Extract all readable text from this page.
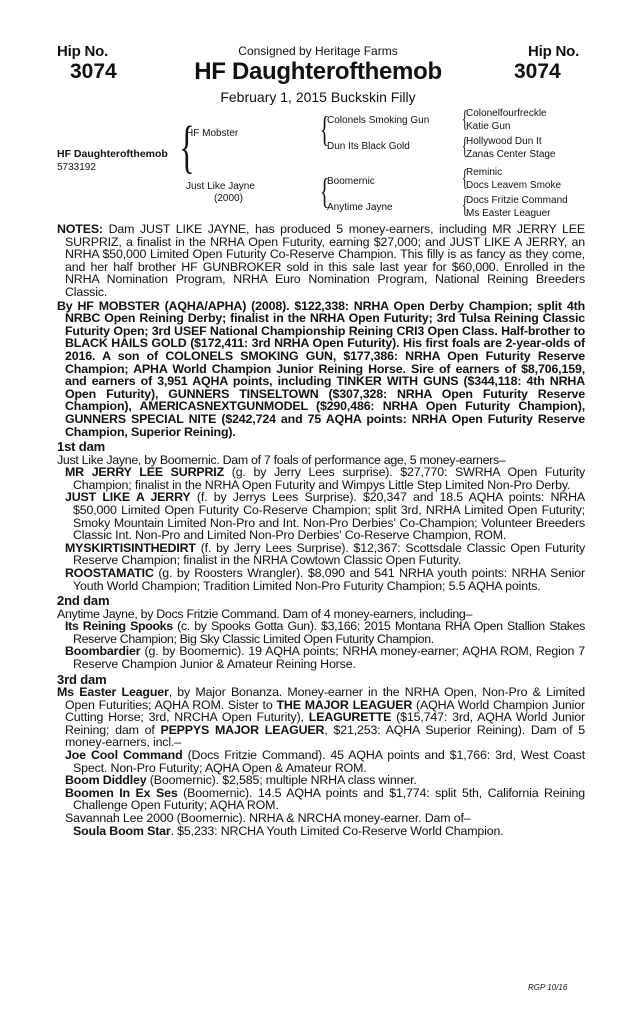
Hip No.	Hip No.
3074	3074
Consigned by Heritage Farms
HF Daughterofthemob
February 1, 2015 Buckskin Filly
HF Daughterofthemob
5733192 {
HF Mobster
Just Like Jayne
(2000)
{
Colonels Smoking Gun
Dun Its Black Gold
{
Boomernic
Anytime Jayne
{
Colonelfourfreckle
Katie Gun
{
Hollywood Dun It
Zanas Center Stage
{
Reminic
Docs Leavem Smoke
{
Docs Fritzie Command
Ms Easter Leaguer

NOTES: Dam JUST LIKE JAYNE, has produced 5 money-earners, including MR JERRY LEE SURPRIZ, a finalist in the NRHA Open Futurity, earning $27,000; and JUST LIKE A JERRY, an NRHA $50,000 Limited Open Futurity Co-Reserve Champion. This filly is as fancy as they come, and her half brother HF GUNBROKER sold in this sale last year for $60,000. Enrolled in the NRHA Nomination Program, NRHA Euro Nomination Program, National Reining Breeders Classic.

By HF MOBSTER (AQHA/APHA) (2008). $122,338: NRHA Open Derby Champion; split 4th NRBC Open Reining Derby; finalist in the NRHA Open Futurity; 3rd Tulsa Reining Classic Futurity Open; 3rd USEF National Championship Reining CRI3 Open Class. Half-brother to BLACK HAILS GOLD ($172,411: 3rd NRHA Open Futurity). His first foals are 2-year-olds of 2016. A son of COLONELS SMOKING GUN, $177,386: NRHA Open Futurity Reserve Champion; APHA World Champion Junior Reining Horse. Sire of earners of $8,706,159, and earners of 3,951 AQHA points, including TINKER WITH GUNS ($344,118: 4th NRHA Open Futurity), GUNNERS TINSELTOWN ($307,328: NRHA Open Futurity Reserve Champion), AMERICASNEXTGUNMODEL ($290,486: NRHA Open Futurity Champion), GUNNERS SPECIAL NITE ($242,724 and 75 AQHA points: NRHA Open Futurity Reserve Champion, Superior Reining).

1st dam

Just Like Jayne, by Boomernic. Dam of 7 foals of performance age, 5 money-earners–

MR JERRY LEE SURPRIZ (g. by Jerry Lees surprise). $27,770: SWRHA Open Futurity Champion; finalist in the NRHA Open Futurity and Wimpys Little Step Limited Non-Pro Derby.

JUST LIKE A JERRY (f. by Jerrys Lees Surprise). $20,347 and 18.5 AQHA points: NRHA $50,000 Limited Open Futurity Co-Reserve Champion; split 3rd, NRHA Limited Open Futurity; Smoky Mountain Limited Non-Pro and Int. Non-Pro Derbies' Co-Champion; Volunteer Breeders Classic Int. Non-Pro and Limited Non-Pro Derbies' Co-Reserve Champion, ROM.

MYSKIRTISINTHEDIRT (f. by Jerry Lees Surprise). $12,367: Scottsdale Classic Open Futurity Reserve Champion; finalist in the NRHA Cowtown Classic Open Futurity.

ROOSTAMATIC (g. by Roosters Wrangler). $8,090 and 541 NRHA youth points: NRHA Senior Youth World Champion; Tradition Limited Non-Pro Futurity Champion; 5.5 AQHA points.

2nd dam

Anytime Jayne, by Docs Fritzie Command. Dam of 4 money-earners, including–

Its Reining Spooks (c. by Spooks Gotta Gun). $3,166: 2015 Montana RHA Open Stallion Stakes Reserve Champion; Big Sky Classic Limited Open Futurity Champion.

Boombardier (g. by Boomernic). 19 AQHA points; NRHA money-earner; AQHA ROM, Region 7 Reserve Champion Junior & Amateur Reining Horse.

3rd dam

Ms Easter Leaguer, by Major Bonanza. Money-earner in the NRHA Open, Non-Pro & Limited Open Futurities; AQHA ROM. Sister to THE MAJOR LEAGUER (AQHA World Champion Junior Cutting Horse; 3rd, NRCHA Open Futurity), LEAGURETTE ($15,747: 3rd, AQHA World Junior Reining; dam of PEPPYS MAJOR LEAGUER, $21,253: AQHA Superior Reining). Dam of 5 money-earners, incl.–

Joe Cool Command (Docs Fritzie Command). 45 AQHA points and $1,766: 3rd, West Coast Spect. Non-Pro Futurity; AQHA Open & Amateur ROM.

Boom Diddley (Boomernic). $2,585; multiple NRHA class winner.

Boomen In Ex Ses (Boomernic). 14.5 AQHA points and $1,774: split 5th, California Reining Challenge Open Futurity; AQHA ROM.

Savannah Lee 2000 (Boomernic). NRHA & NRCHA money-earner. Dam of–

Soula Boom Star. $5,233: NRCHA Youth Limited Co-Reserve World Champion.

RGP 10/16
